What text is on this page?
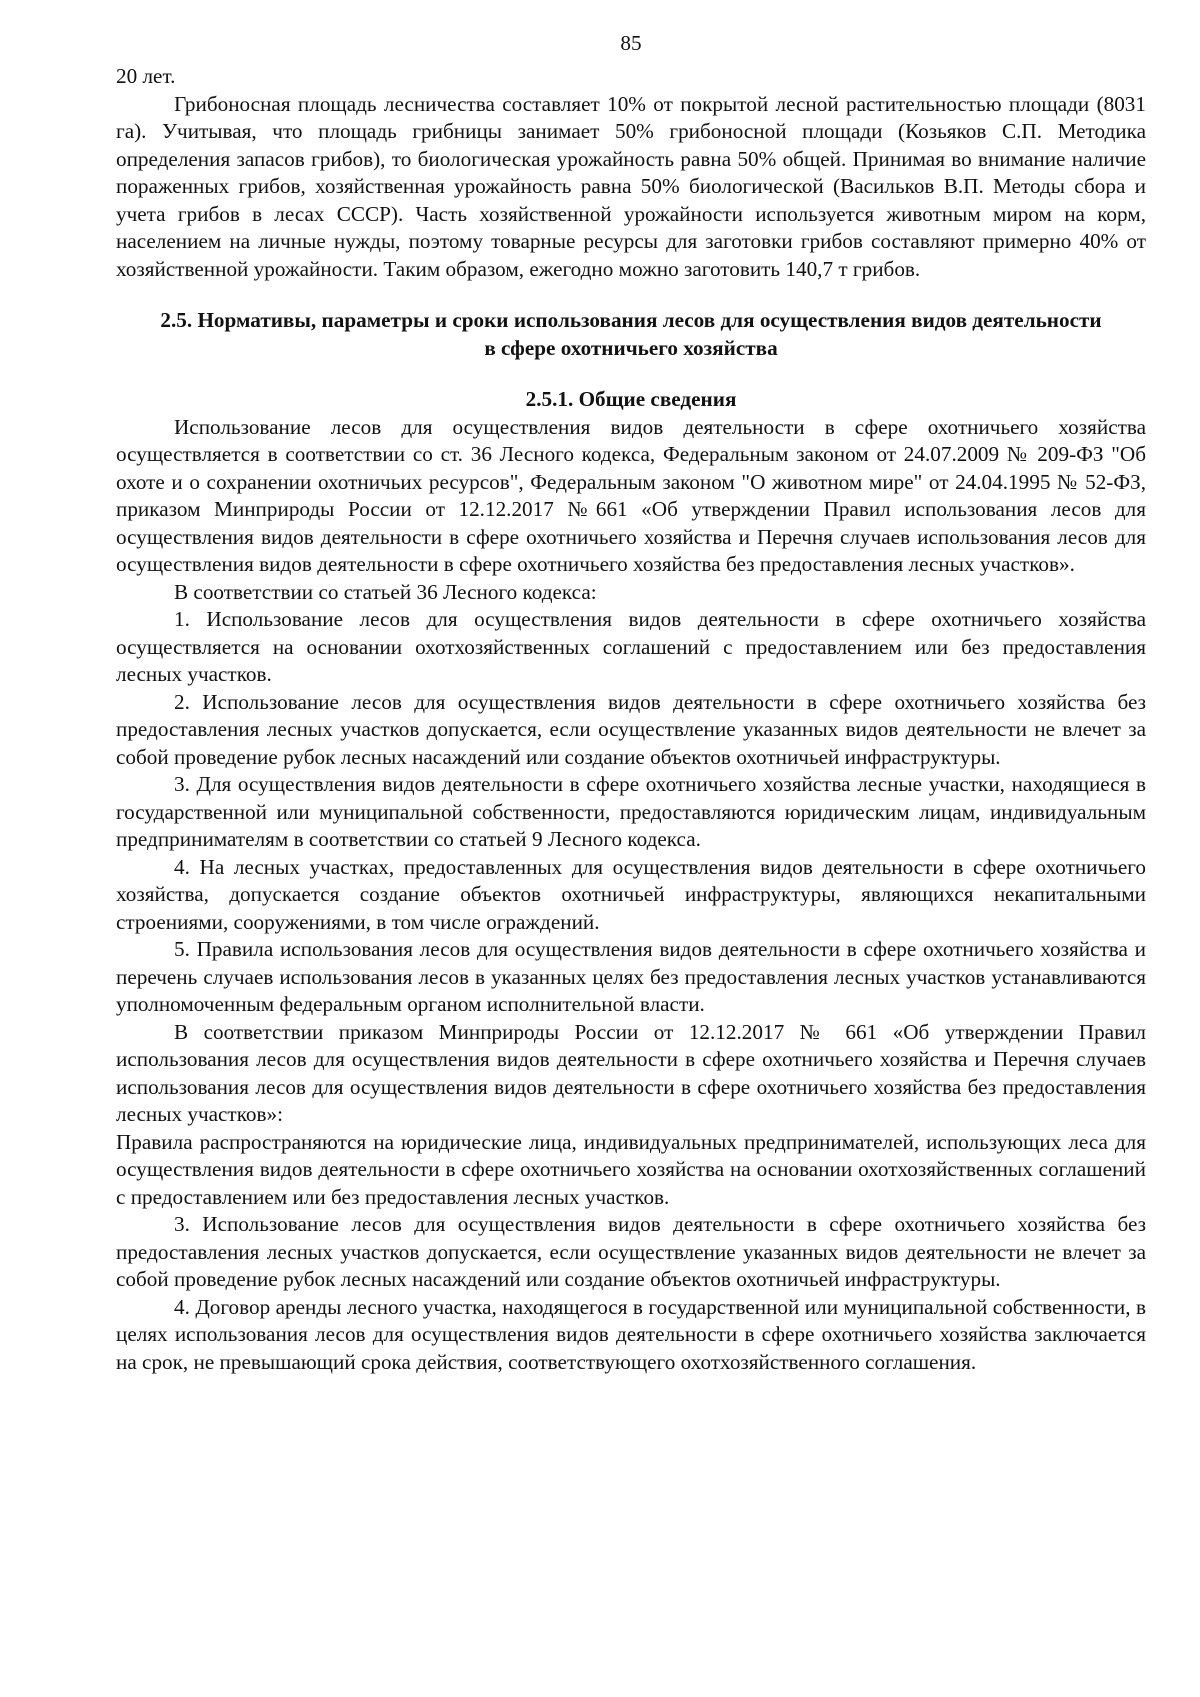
85

20 лет.

Грибоносная площадь лесничества составляет 10% от покрытой лесной растительностью площади (8031 га). Учитывая, что площадь грибницы занимает 50% грибоносной площади (Козьяков С.П. Методика определения запасов грибов), то биологическая урожайность равна 50% общей. Принимая во внимание наличие пораженных грибов, хозяйственная урожайность равна 50% биологической (Васильков В.П. Методы сбора и учета грибов в лесах СССР). Часть хозяйственной урожайности используется животным миром на корм, населением на личные нужды, поэтому товарные ресурсы для заготовки грибов составляют примерно 40% от хозяйственной урожайности. Таким образом, ежегодно можно заготовить 140,7 т грибов.

2.5. Нормативы, параметры и сроки использования лесов для осуществления видов деятельности в сфере охотничьего хозяйства
2.5.1. Общие сведения

Использование лесов для осуществления видов деятельности в сфере охотничьего хозяйства осуществляется в соответствии со ст. 36 Лесного кодекса, Федеральным законом от 24.07.2009 № 209-ФЗ "Об охоте и о сохранении охотничьих ресурсов", Федеральным законом "О животном мире" от 24.04.1995 № 52-ФЗ, приказом Минприроды России от 12.12.2017 №661 «Об утверждении Правил использования лесов для осуществления видов деятельности в сфере охотничьего хозяйства и Перечня случаев использования лесов для осуществления видов деятельности в сфере охотничьего хозяйства без предоставления лесных участков».

В соответствии со статьей 36 Лесного кодекса:

1. Использование лесов для осуществления видов деятельности в сфере охотничьего хозяйства осуществляется на основании охотхозяйственных соглашений с предоставлением или без предоставления лесных участков.

2. Использование лесов для осуществления видов деятельности в сфере охотничьего хозяйства без предоставления лесных участков допускается, если осуществление указанных видов деятельности не влечет за собой проведение рубок лесных насаждений или создание объектов охотничьей инфраструктуры.

3. Для осуществления видов деятельности в сфере охотничьего хозяйства лесные участки, находящиеся в государственной или муниципальной собственности, предоставляются юридическим лицам, индивидуальным предпринимателям в соответствии со статьей 9 Лесного кодекса.

4. На лесных участках, предоставленных для осуществления видов деятельности в сфере охотничьего хозяйства, допускается создание объектов охотничьей инфраструктуры, являющихся некапитальными строениями, сооружениями, в том числе ограждений.

5. Правила использования лесов для осуществления видов деятельности в сфере охотничьего хозяйства и перечень случаев использования лесов в указанных целях без предоставления лесных участков устанавливаются уполномоченным федеральным органом исполнительной власти.

В соответствии приказом Минприроды России от 12.12.2017 № 661 «Об утверждении Правил использования лесов для осуществления видов деятельности в сфере охотничьего хозяйства и Перечня случаев использования лесов для осуществления видов деятельности в сфере охотничьего хозяйства без предоставления лесных участков»:

Правила распространяются на юридические лица, индивидуальных предпринимателей, использующих леса для осуществления видов деятельности в сфере охотничьего хозяйства на основании охотхозяйственных соглашений с предоставлением или без предоставления лесных участков.

3. Использование лесов для осуществления видов деятельности в сфере охотничьего хозяйства без предоставления лесных участков допускается, если осуществление указанных видов деятельности не влечет за собой проведение рубок лесных насаждений или создание объектов охотничьей инфраструктуры.

4. Договор аренды лесного участка, находящегося в государственной или муниципальной собственности, в целях использования лесов для осуществления видов деятельности в сфере охотничьего хозяйства заключается на срок, не превышающий срока действия, соответствующего охотхозяйственного соглашения.
